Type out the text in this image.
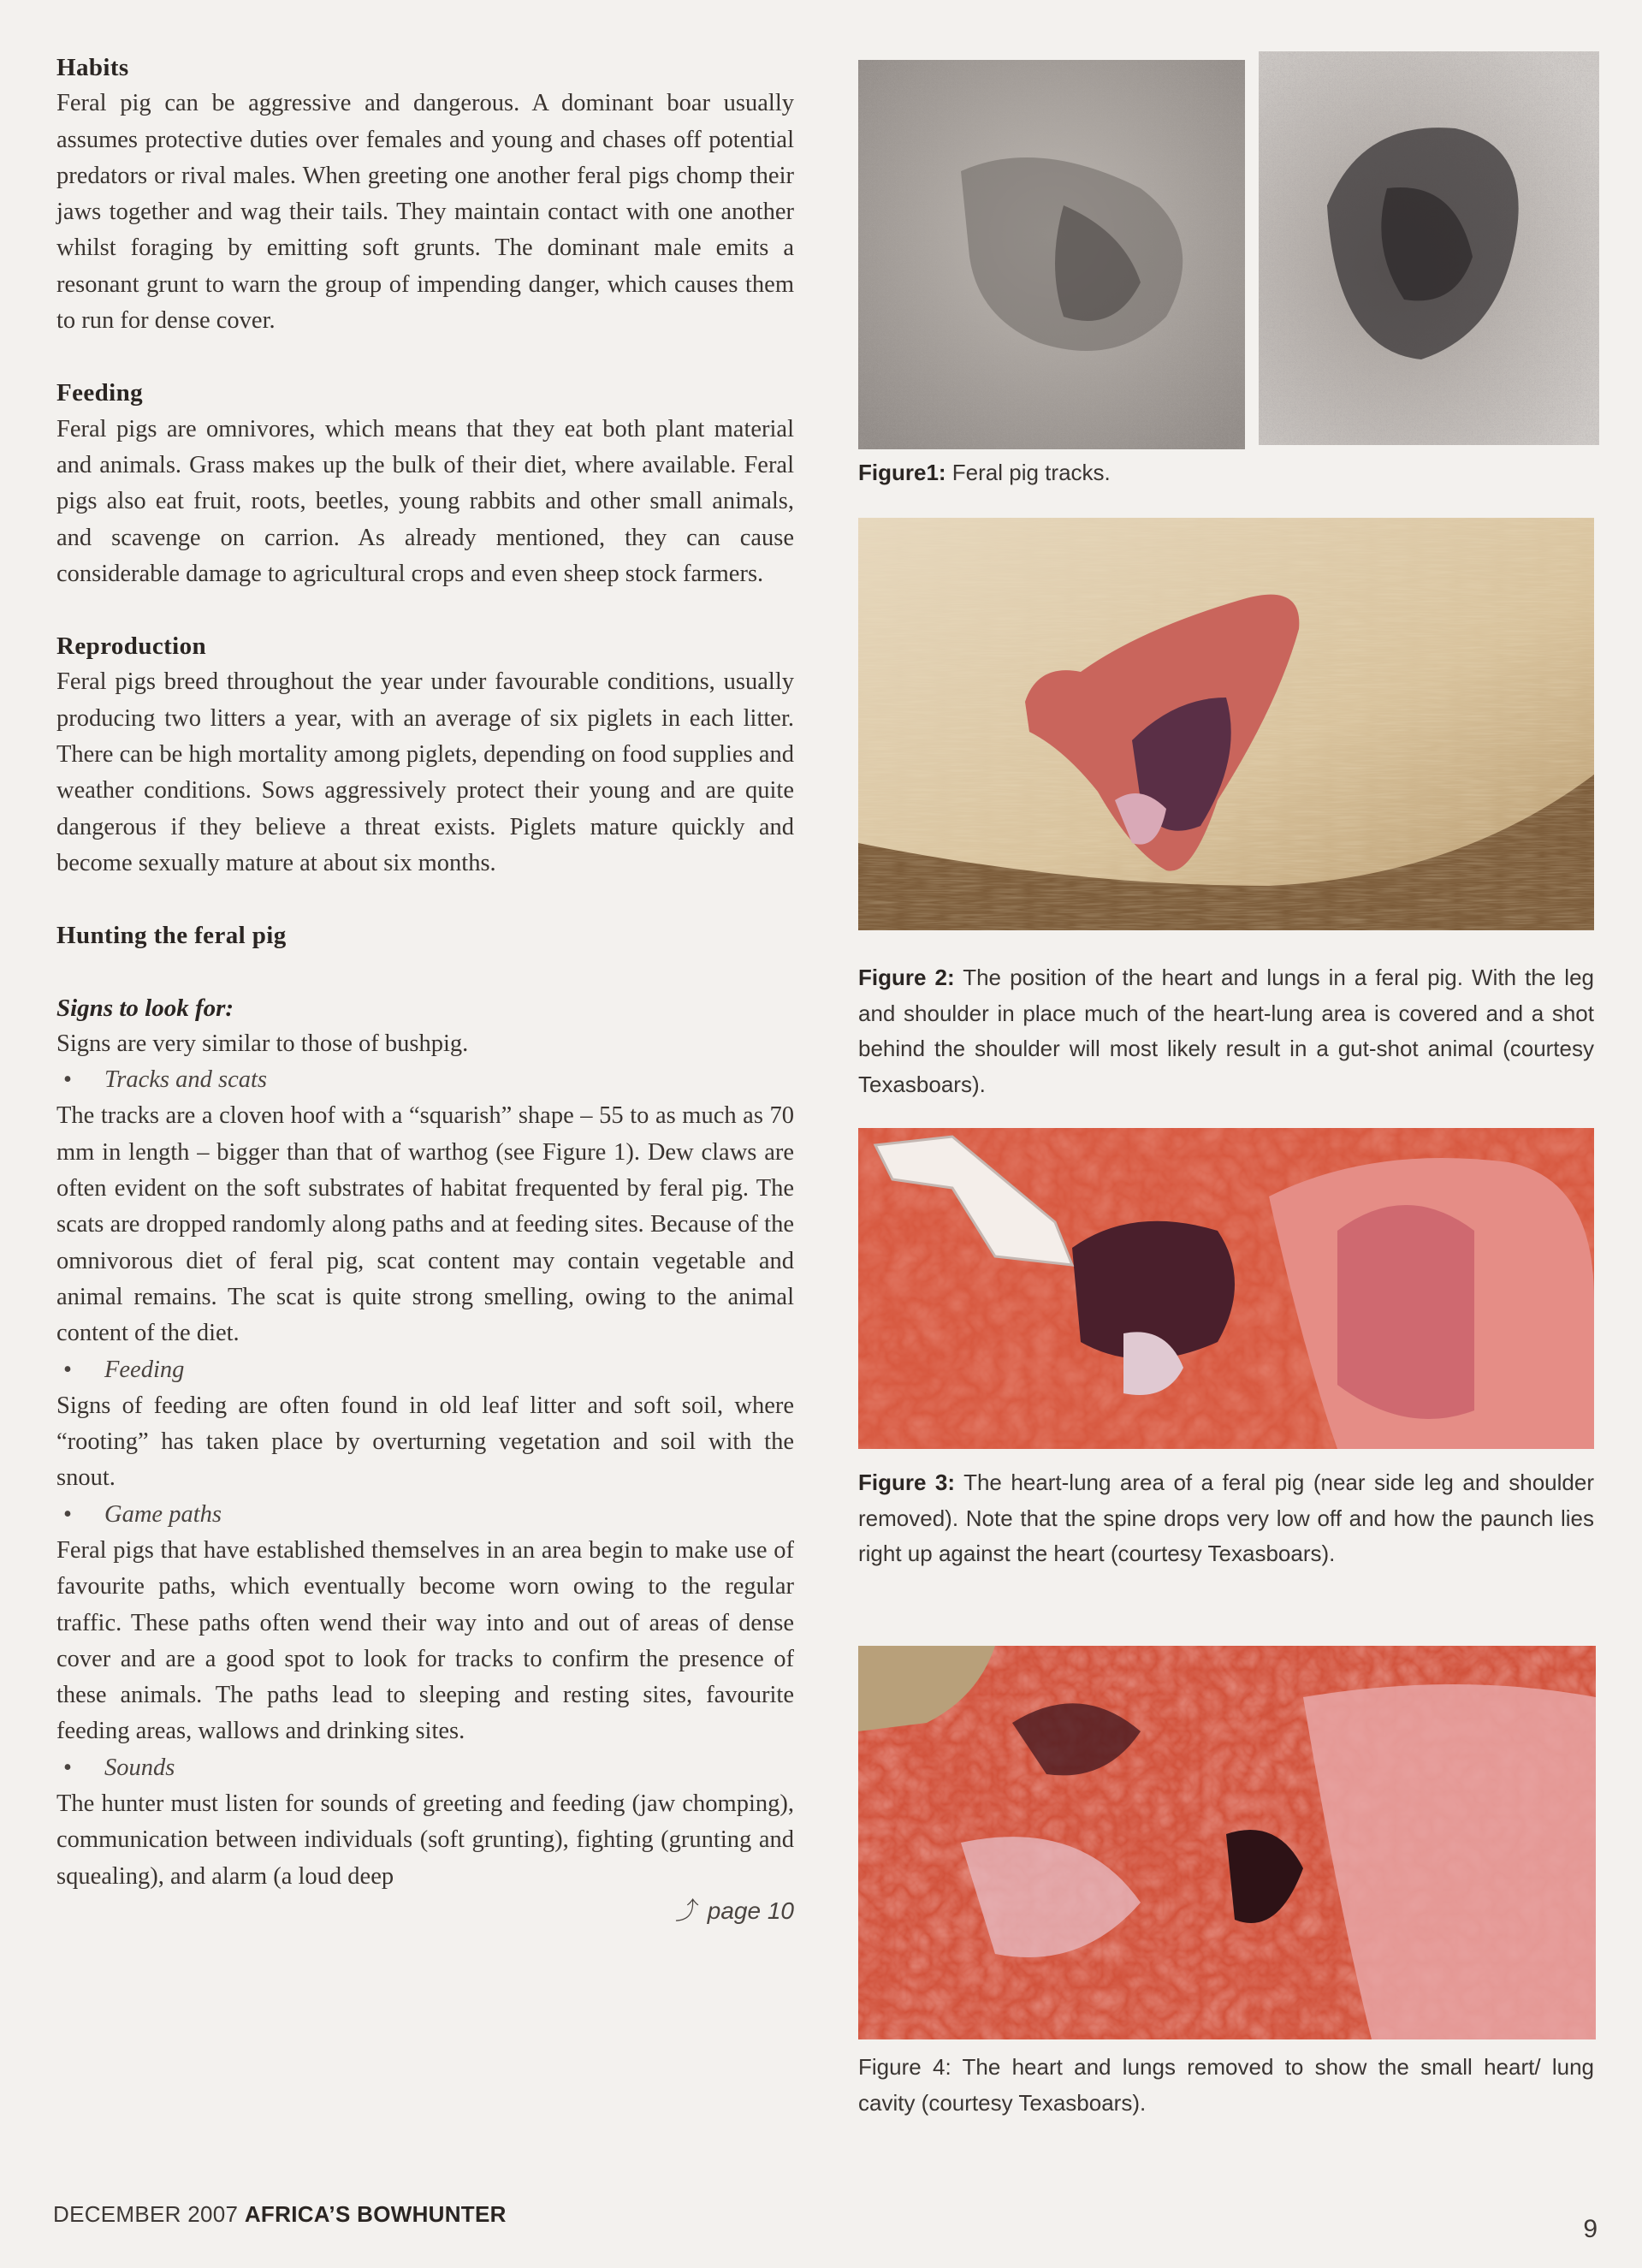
Habits

Feral pig can be aggressive and dangerous. A dominant boar usually assumes protective duties over females and young and chases off potential predators or rival males. When greeting one another feral pigs chomp their jaws together and wag their tails. They maintain contact with one another whilst foraging by emitting soft grunts. The dominant male emits a resonant grunt to warn the group of impending danger, which causes them to run for dense cover.

Feeding

Feral pigs are omnivores, which means that they eat both plant material and animals. Grass makes up the bulk of their diet, where available. Feral pigs also eat fruit, roots, beetles, young rabbits and other small animals, and scavenge on carrion. As already mentioned, they can cause considerable damage to agricultural crops and even sheep stock farmers.

Reproduction

Feral pigs breed throughout the year under favourable conditions, usually producing two litters a year, with an average of six piglets in each litter. There can be high mortality among piglets, depending on food supplies and weather conditions. Sows aggressively protect their young and are quite dangerous if they believe a threat exists. Piglets mature quickly and become sexually mature at about six months.

Hunting the feral pig
Signs to look for:

Signs are very similar to those of bushpig.

• Tracks and scats

The tracks are a cloven hoof with a “squarish” shape – 55 to as much as 70 mm in length – bigger than that of warthog (see Figure 1). Dew claws are often evident on the soft substrates of habitat frequented by feral pig. The scats are dropped randomly along paths and at feeding sites. Because of the omnivorous diet of feral pig, scat content may contain vegetable and animal remains. The scat is quite strong smelling, owing to the animal content of the diet.

• Feeding

Signs of feeding are often found in old leaf litter and soft soil, where “rooting” has taken place by overturning vegetation and soil with the snout.

• Game paths

Feral pigs that have established themselves in an area begin to make use of favourite paths, which eventually become worn owing to the regular traffic. These paths often wend their way into and out of areas of dense cover and are a good spot to look for tracks to confirm the presence of these animals. The paths lead to sleeping and resting sites, favourite feeding areas, wallows and drinking sites.

• Sounds

The hunter must listen for sounds of greeting and feeding (jaw chomping), communication between individuals (soft grunting), fighting (grunting and squealing), and alarm (a loud deep

⤴ page 10
Figure1: Feral pig tracks.
Figure 2: The position of the heart and lungs in a feral pig. With the leg and shoulder in place much of the heart-lung area is covered and a shot behind the shoulder will most likely result in a gut-shot animal (courtesy Texasboars).
Figure 3: The heart-lung area of a feral pig (near side leg and shoulder removed). Note that the spine drops very low off and how the paunch lies right up against the heart (courtesy Texasboars).
Figure 4: The heart and lungs removed to show the small heart/ lung cavity (courtesy Texasboars).
DECEMBER 2007 AFRICA’S BOWHUNTER
9
